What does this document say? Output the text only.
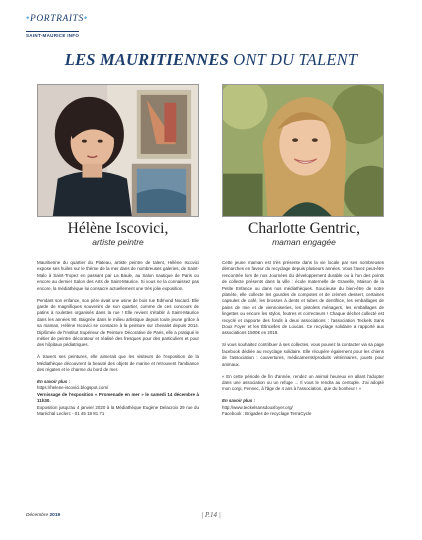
•PORTRAITS•
SAINT-MAURICE INFO
LES MAURITIENNES ONT DU TALENT
Hélène Iscovici,
artiste peintre
Charlotte Gentric,
maman engagée

Mauritienne du quartier du Plateau, artiste peintre de talent, Hélène Iscovici expose ses huiles sur le thème de la mer dans de nombreuses galeries, de Saint-Malo à Saint-Tropez en passant par La Baule, au Salon nautique de Paris ou encore au dernier Salon des Arts de Saint-Maurice. Si vous ne la connaissez pas encore, la médiathèque lui consacre actuellement une très jolie exposition.

Pendant son enfance, son père avait une usine de bois rue Edmond Nocard. Elle garde de magnifiques souvenirs de son quartier, comme de ces concours de patins à roulettes organisés dans la rue ! Elle revient s'établir à Saint-Maurice dans les années 90. Baignée dans le milieu artistique depuis toute jeune grâce à sa maman, Hélène Iscovici se consacre à la peinture sur chevalet depuis 2014. Diplômée de l'Institut Supérieur de Peinture Décorative de Paris, elle a pratiqué le métier de peintre décorateur et réalisé des fresques pour des particuliers et pour des hôpitaux pédiatriques.

À travers ses peintures, elle aimerait que les visiteurs de l'exposition de la Médiathèque découvrent la beauté des objets de marine et retrouvent l'ambiance des régates et le charme du bord de mer.

En savoir plus :

https://helene-iscovici.blogspot.com/

Vernissage de l'exposition « Promenade en mer » le samedi 14 décembre à 11h30.

Exposition jusqu'au 4 janvier 2020 à la Médiathèque Eugène Delacroix 29 rue du Maréchal Leclerc - 01 45 18 81 71

Cette jeune maman est très présente dans la vie locale par ses nombreuses démarches en faveur du recyclage depuis plusieurs années. Vous l'avez peut-être rencontrée lors de nos Journées du développement durable ou à l'un des points de collecte présents dans la ville : école maternelle de Gravelle, Maison de la Petite Enfance ou dans nos médiathèques. Soucieuse du bien-être de notre planète, elle collecte les gourdes de compotes et de crèmes dessert, certaines capsules de café, les brosses à dents et tubes de dentifrice, les emballages de pains de mie et de viennoiseries, les pistolets ménagers, les emballages de lingettes ou encore les stylos, feutres et correcteurs ! Chaque déchet collecté est recyclé et rapporte des fonds à deux associations : l'association Teckels Sans Doux Foyer et les Étincelles de Loucas. Ce recyclage solidaire a rapporté aux associations 1500€ en 2019.

Si vous souhaitez contribuer à ses collectes, vous pouvez la contacter via sa page facebook dédiée au recyclage solidaire. Elle récupère également pour les chiens de l'association : couvertures, médicaments/produits vétérinaires, jouets pour animaux.

« En cette période de fin d'année, rendez un animal heureux en allant l'adopter dans une association ou un refuge ... Il vous le rendra au centuple. J'ai adopté mon corgi, Fennec, à l'âge de 4 ans à l'association, que du bonheur ! »

En savoir plus :

http://www.teckelsansdouxfoyer.org/

Facebook : Brigades de recyclage TerraCycle

Décembre 2019	| P.14 |
